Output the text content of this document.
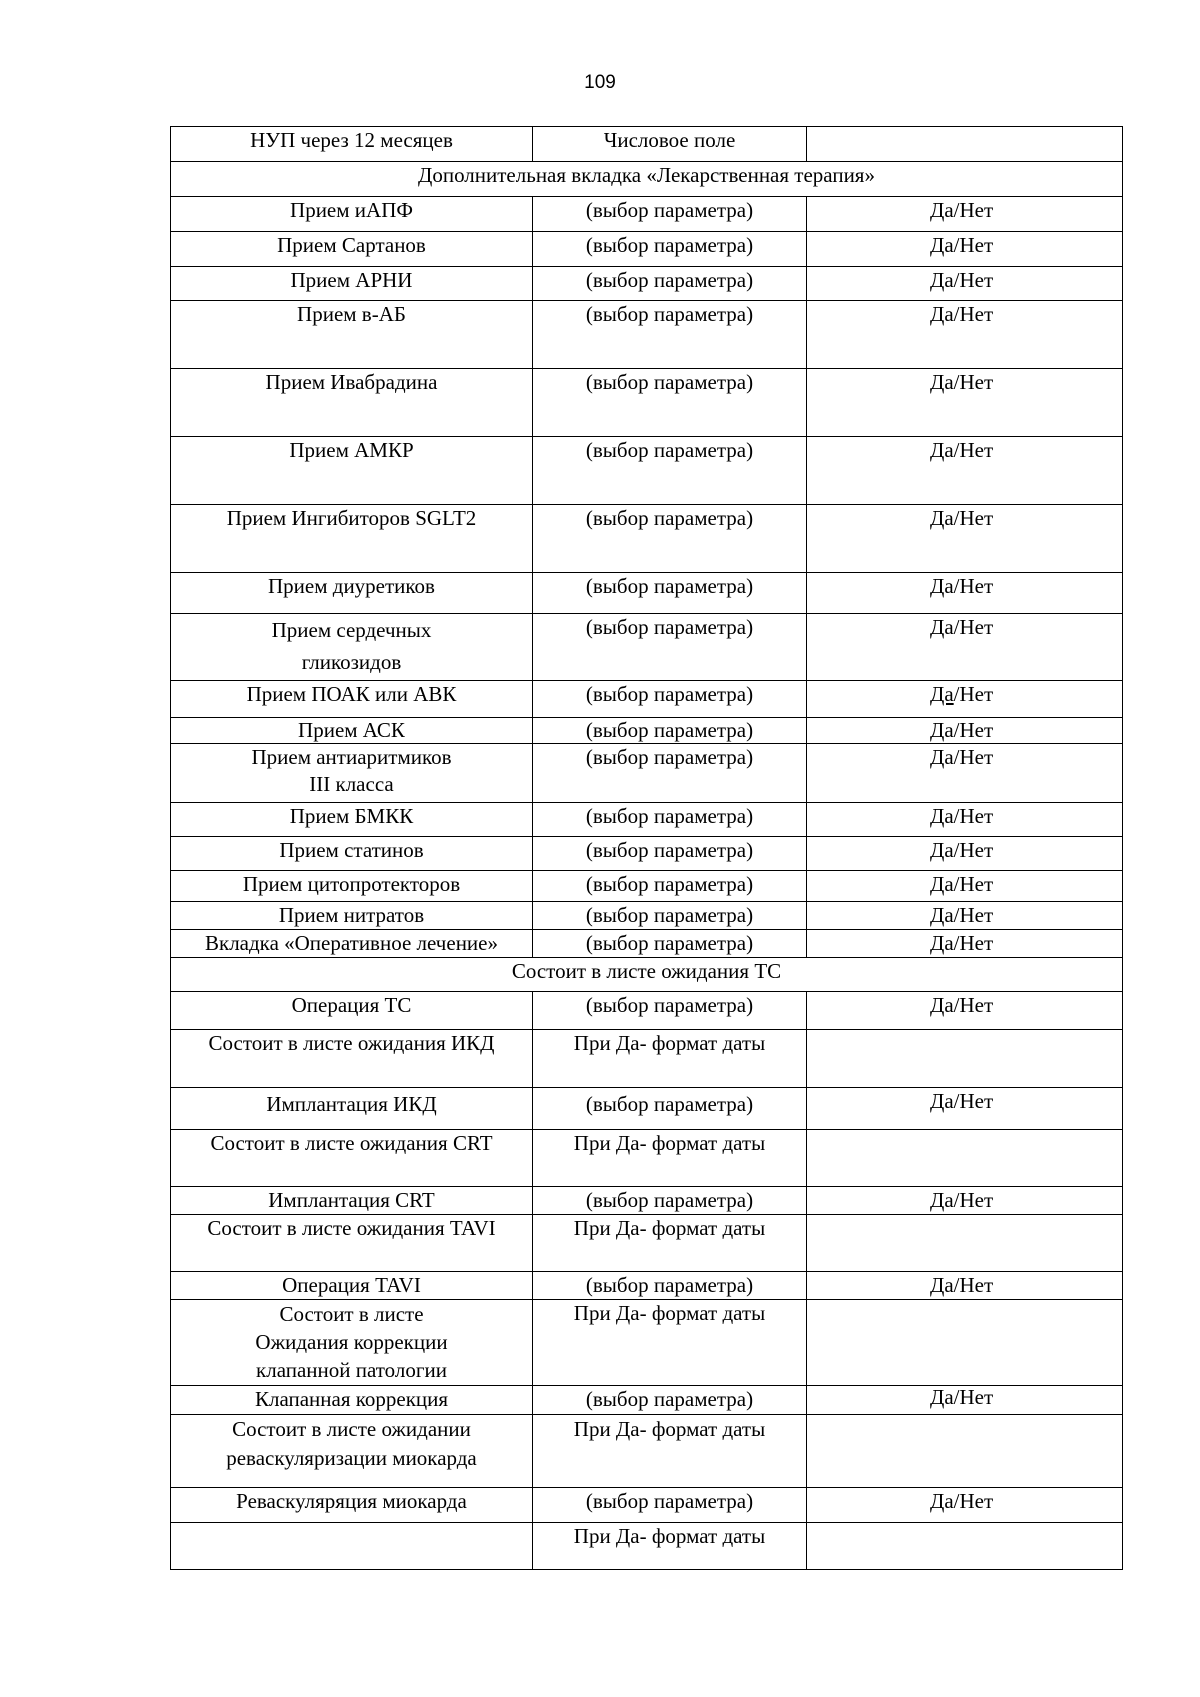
109
НУП через 12 месяцев	Числовое поле	
Дополнительная вкладка «Лекарственная терапия»		
Прием иАПФ	(выбор параметра)	Да/Нет
Прием Сартанов	(выбор параметра)	Да/Нет
Прием АРНИ	(выбор параметра)	Да/Нет
Прием в-АБ	(выбор параметра)	Да/Нет
Прием Ивабрадина	(выбор параметра)	Да/Нет
Прием АМКР	(выбор параметра)	Да/Нет
Прием Ингибиторов SGLT2	(выбор параметра)	Да/Нет
Прием диуретиков	(выбор параметра)	Да/Нет
Прием сердечных
гликозидов	(выбор параметра)	Да/Нет
Прием ПОАК или АВК	(выбор параметра)	Да/Нет
Прием АСК	(выбор параметра)	Да/Нет
Прием антиаритмиков
III класса	(выбор параметра)	Да/Нет
Прием БМКК	(выбор параметра)	Да/Нет
Прием статинов	(выбор параметра)	Да/Нет
Прием цитопротекторов	(выбор параметра)	Да/Нет
Прием нитратов	(выбор параметра)	Да/Нет
Вкладка «Оперативное лечение»	(выбор параметра)	Да/Нет
Состоит в листе ожидания ТС		
Операция ТС	(выбор параметра)	Да/Нет
Состоит в листе ожидания ИКД	При Да- формат даты	
Имплантация ИКД	(выбор параметра)	Да/Нет
Состоит в листе ожидания CRT	При Да- формат даты	
Имплантация CRT	(выбор параметра)	Да/Нет
Состоит в листе ожидания TAVI	При Да- формат даты	
Операция TAVI	(выбор параметра)	Да/Нет
Состоит в листе
Ожидания коррекции
клапанной патологии	При Да- формат даты	
Клапанная коррекция	(выбор параметра)	Да/Нет
Состоит в листе ожидании
реваскуляризации миокарда	При Да- формат даты	
Реваскуляряция миокарда	(выбор параметра)	Да/Нет
	При Да- формат даты	
